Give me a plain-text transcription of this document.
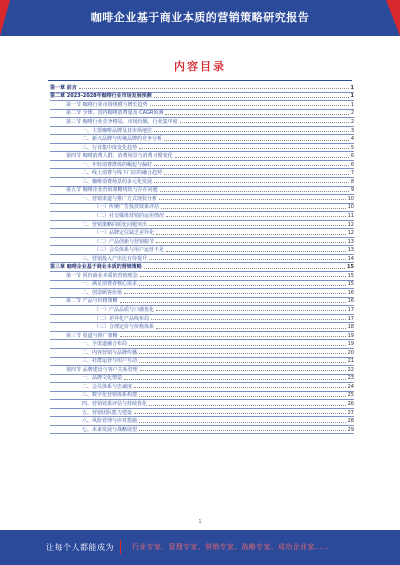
咖啡企业基于商业本质的营销策略研究报告
内容目录
第一章 前言	1
第二章 2023-2028年咖啡行业市场发展预测	1
第一节 咖啡行业市场规模与增长趋势	1
第二节 全球、国内咖啡消费量及 CAGR预测	2
第三节 咖啡行业竞争格局、市场份额、行业集中度	2
一、主要咖啡品牌及其市场地位	3
二、新兴品牌与传统品牌的竞争分析	4
三、行业集中度变化趋势	5
第四节 咖啡消费人群、消费场景与消费习惯变化	6
一、年轻消费群体的崛起与偏好	6
二、线上消费与线下门店的融合趋势	7
三、咖啡消费场景的多元化发展	8
第五节 咖啡企业营销策略现状与存在问题	9
一、营销渠道与推广方式现状分析	10
（一）传统广告投放效果评估	10
（二）社交媒体营销的运用情况	11
二、营销策略同质化问题突出	12
（一）品牌定位缺乏差异化	12
（二）产品创新与营销脱节	13
（三）会员体系与用户运营不足	13
三、营销投入产出比有待提升	14
第三章 咖啡企业基于商业本质的营销策略	15
第一节 回归商业本质的营销理念	15
一、满足消费者核心需求	15
二、创造顾客价值	16
第二节 产品与价格策略	16
（一）产品品质与口感优化	17
（二）差异化产品线布局	17
（三）合理定价与价格体系	18
第三节 渠道与推广策略	19
一、全渠道融合布局	19
二、内容营销与品牌传播	20
三、社群运营与用户互动	21
第四节 品牌建设与客户关系管理	22
一、品牌文化塑造	23
二、会员体系与忠诚度	24
三、数字化营销体系构建	25
四、营销效果评估与持续优化	26
五、营销团队能力建设	27
六、风险管理与应对措施	28
七、未来发展与战略展望	29
1
让每个人都能成为	行业专家、管理专家、营销专家、战略专家、成功企业家……
